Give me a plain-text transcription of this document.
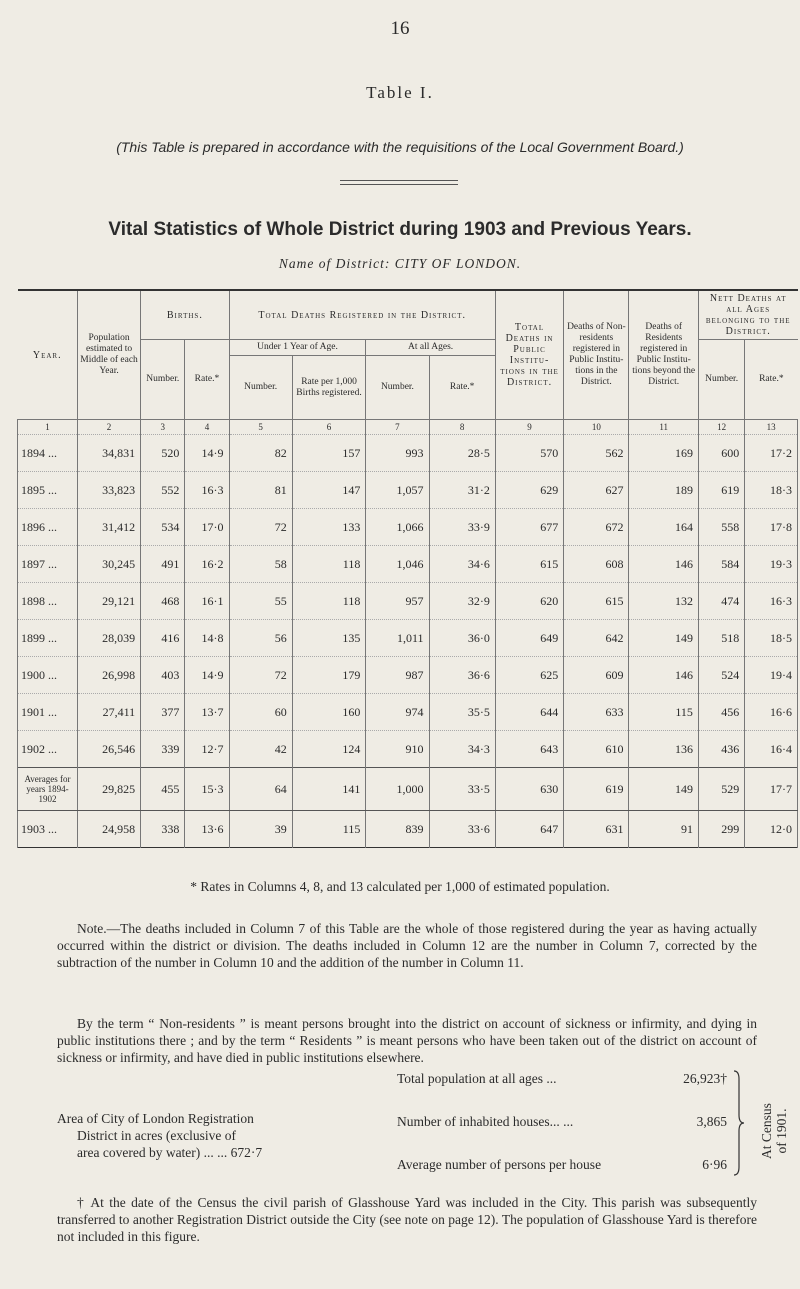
16
Table I.
(This Table is prepared in accordance with the requisitions of the Local Government Board.)
Vital Statistics of Whole District during 1903 and Previous Years.
Name of District: CITY OF LONDON.
Year.	Population estimated to Middle of each Year.	Births.		Total Deaths Registered in the District.				Total Deaths in Public Institu- tions in the District.	Deaths of Non- residents registered in Public Institu- tions in the District.	Deaths of Residents registered in Public Institu- tions beyond the District.	Nett Deaths at all Ages belonging to the District.	
		Number.	Rate.*	Under 1 Year of Age.		At all Ages.					Number.	Rate.*
				Number.	Rate per 1,000 Births registered.	Number.	Rate.*					
1	2	3	4	5	6	7	8	9	10	11	12	13
1894 ...	34,831	520	14·9	82	157	993	28·5	570	562	169	600	17·2
1895 ...	33,823	552	16·3	81	147	1,057	31·2	629	627	189	619	18·3
1896 ...	31,412	534	17·0	72	133	1,066	33·9	677	672	164	558	17·8
1897 ...	30,245	491	16·2	58	118	1,046	34·6	615	608	146	584	19·3
1898 ...	29,121	468	16·1	55	118	957	32·9	620	615	132	474	16·3
1899 ...	28,039	416	14·8	56	135	1,011	36·0	649	642	149	518	18·5
1900 ...	26,998	403	14·9	72	179	987	36·6	625	609	146	524	19·4
1901 ...	27,411	377	13·7	60	160	974	35·5	644	633	115	456	16·6
1902 ...	26,546	339	12·7	42	124	910	34·3	643	610	136	436	16·4
Averages for years 1894-1902	29,825	455	15·3	64	141	1,000	33·5	630	619	149	529	17·7
1903 ...	24,958	338	13·6	39	115	839	33·6	647	631	91	299	12·0
* Rates in Columns 4, 8, and 13 calculated per 1,000 of estimated population.
Note.—The deaths included in Column 7 of this Table are the whole of those registered during the year as having actually occurred within the district or division. The deaths included in Column 12 are the number in Column 7, corrected by the subtraction of the number in Column 10 and the addition of the number in Column 11.
By the term “ Non-residents ” is meant persons brought into the district on account of sickness or infirmity, and dying in public institutions there ; and by the term “ Residents ” is meant persons who have been taken out of the district on account of sickness or infirmity, and have died in public institutions elsewhere.
Area of City of London Registration
District in acres (exclusive of
area covered by water) ... ... 672·7
Total population at all ages ...	26,923†
Number of inhabited houses... ...	3,865
Average number of persons per house	6·96
At Census of 1901.
† At the date of the Census the civil parish of Glasshouse Yard was included in the City. This parish was subsequently transferred to another Registration District outside the City (see note on page 12). The population of Glasshouse Yard is therefore not included in this figure.
